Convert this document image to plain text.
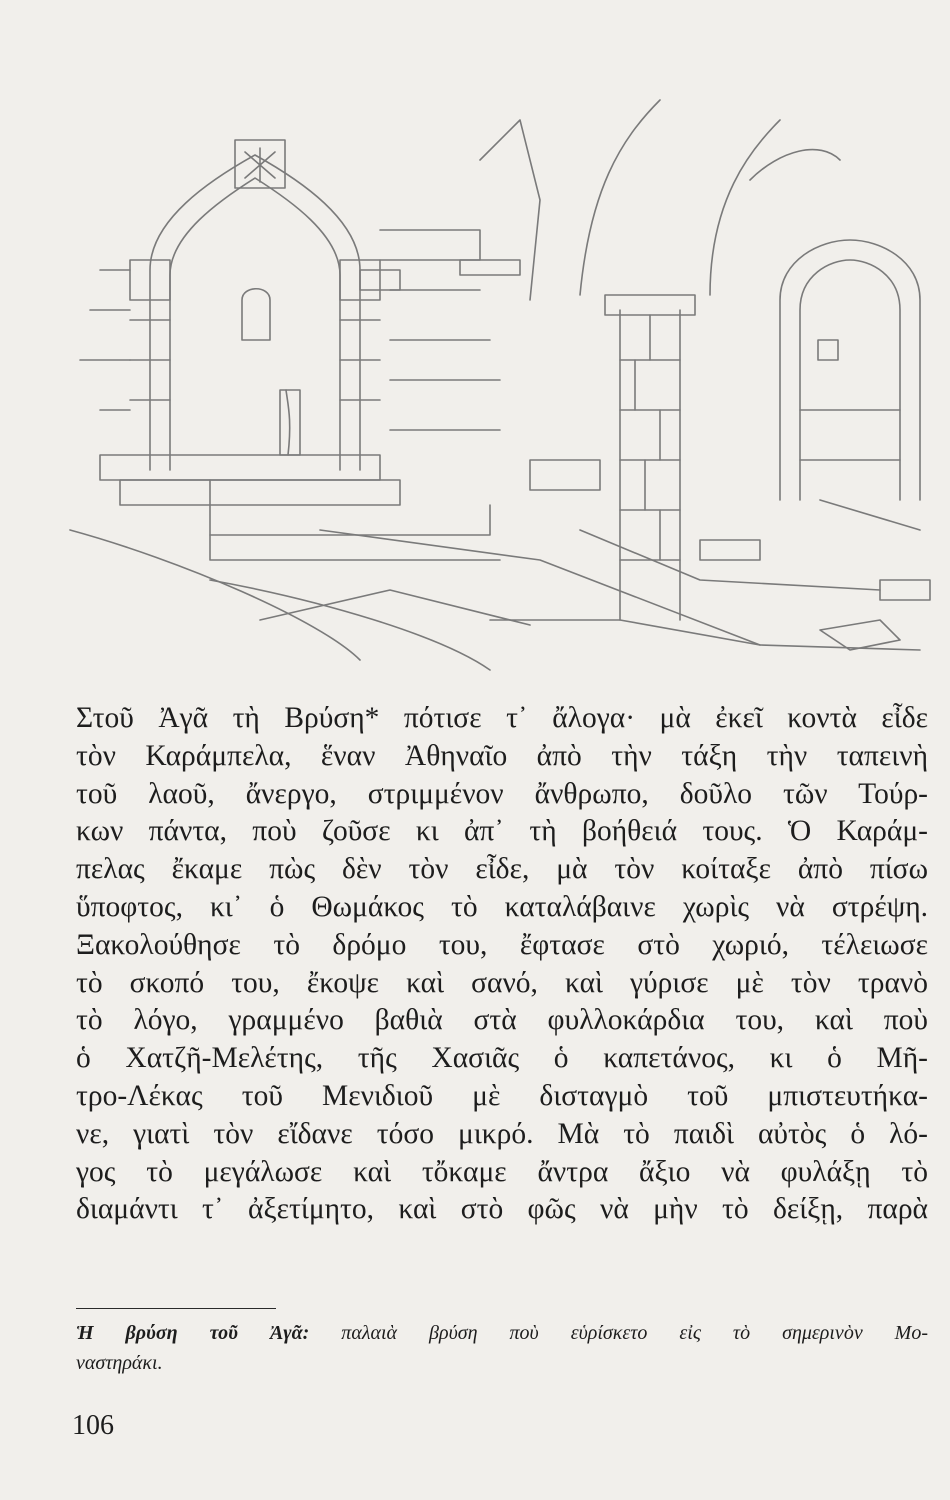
Στοῦ Ἀγᾶ τὴ Βρύση* πότισε τ᾽ ἄλογα· μὰ ἐκεῖ κοντὰ εἶδε
τὸν Καράμπελα, ἕναν Ἀθηναῖο ἀπὸ τὴν τάξη τὴν ταπεινὴ
τοῦ λαοῦ, ἄνεργο, στριμμένον ἄνθρωπο, δοῦλο τῶν Τούρ-
κων πάντα, ποὺ ζοῦσε κι ἀπ᾽ τὴ βοήθειά τους. Ὁ Καράμ-
πελας ἔκαμε πὼς δὲν τὸν εἶδε, μὰ τὸν κοίταξε ἀπὸ πίσω
ὕποφτος, κι᾽ ὁ Θωμάκος τὸ καταλάβαινε χωρὶς νὰ στρέψη.
Ξακολούθησε τὸ δρόμο του, ἔφτασε στὸ χωριό, τέλειωσε
τὸ σκοπό του, ἔκοψε καὶ σανό, καὶ γύρισε μὲ τὸν τρανὸ
τὸ λόγο, γραμμένο βαθιὰ στὰ φυλλοκάρδια του, καὶ ποὺ
ὁ Χατζῆ-Μελέτης, τῆς Χασιᾶς ὁ καπετάνος, κι ὁ Μῆ-
τρο-Λέκας τοῦ Μενιδιοῦ μὲ δισταγμὸ τοῦ μπιστευτήκα-
νε, γιατὶ τὸν εἴδανε τόσο μικρό. Μὰ τὸ παιδὶ αὐτὸς ὁ λό-
γος τὸ μεγάλωσε καὶ τὄκαμε ἄντρα ἄξιο νὰ φυλάξῃ τὸ
διαμάντι τ᾽ ἀξετίμητο, καὶ στὸ φῶς νὰ μὴν τὸ δείξῃ, παρὰ

Ἡ βρύση τοῦ Ἀγᾶ: παλαιὰ βρύση ποὺ εὑρίσκετο εἰς τὸ σημερινὸν Μο-
ναστηράκι.

106
